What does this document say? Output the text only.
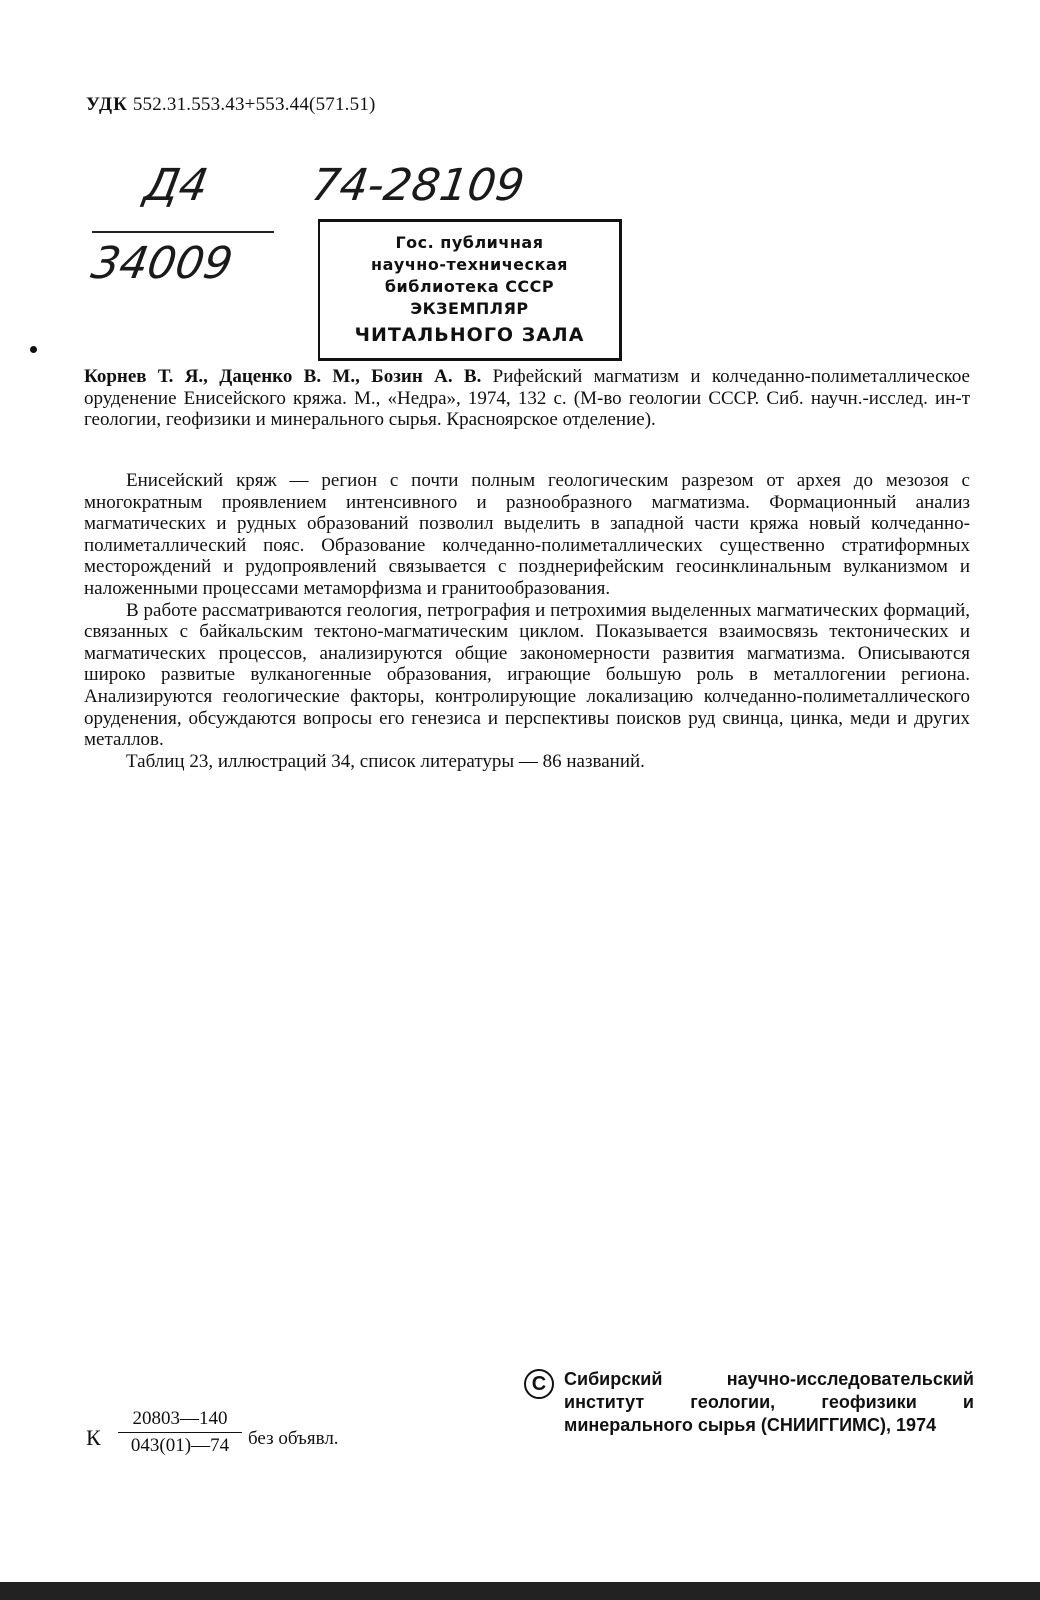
УДК 552.31.553.43+553.44(571.51)
Д4
34009
74-28109
Гос. публичная
научно-техническая
библиотека СССР
ЭКЗЕМПЛЯР
ЧИТАЛЬНОГО ЗАЛА
Корнев Т. Я., Даценко В. М., Бозин А. В. Рифейский магматизм и колчеданно-полиметаллическое оруденение Енисейского кряжа. М., «Недра», 1974, 132 с. (М-во геологии СССР. Сиб. научн.-исслед. ин-т геологии, геофизики и минерального сырья. Красноярское отделение).

Енисейский кряж — регион с почти полным геологическим разрезом от архея до мезозоя с многократным проявлением интенсивного и разнообразного магматизма. Формационный анализ магматических и рудных образований позволил выделить в западной части кряжа новый колчеданно-полиметаллический пояс. Образование колчеданно-полиметаллических существенно стратиформных месторождений и рудопроявлений связывается с позднерифейским геосинклинальным вулканизмом и наложенными процессами метаморфизма и гранитообразования.

В работе рассматриваются геология, петрография и петрохимия выделенных магматических формаций, связанных с байкальским тектоно-магматическим циклом. Показывается взаимосвязь тектонических и магматических процессов, анализируются общие закономерности развития магматизма. Описываются широко развитые вулканогенные образования, играющие большую роль в металлогении региона. Анализируются геологические факторы, контролирующие локализацию колчеданно-полиметаллического оруденения, обсуждаются вопросы его генезиса и перспективы поисков руд свинца, цинка, меди и других металлов.

Таблиц 23, иллюстраций 34, список литературы — 86 названий.

К $\frac{20803—140}{043(01)—74}$ без объявл.
C Сибирский научно-исследовательский институт геологии, геофизики и минерального сырья (СНИИГГИМС), 1974
